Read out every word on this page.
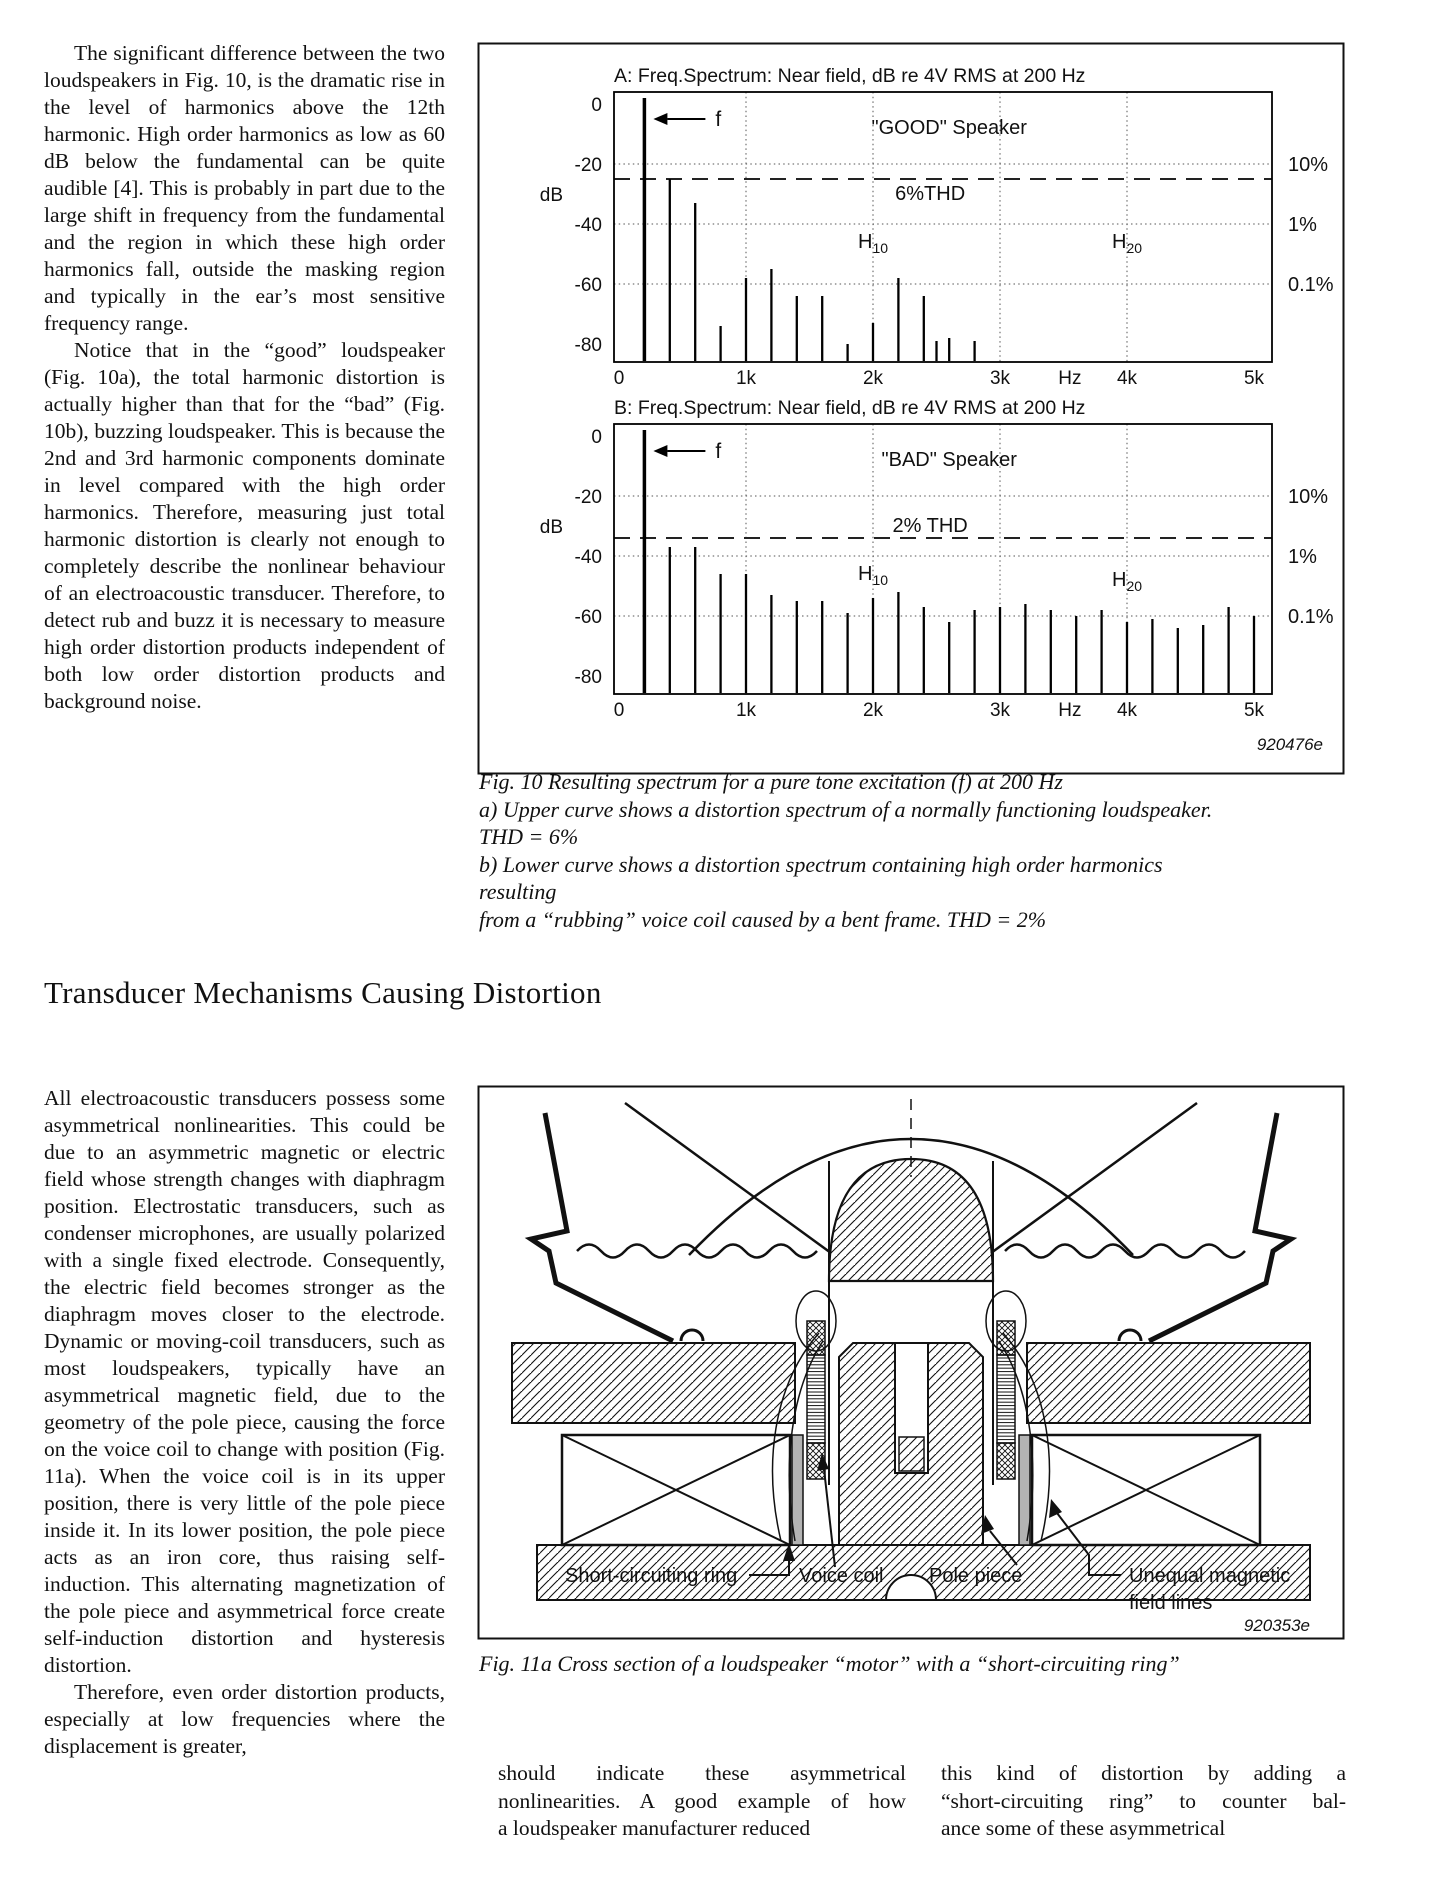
The significant difference between the two loudspeakers in Fig. 10, is the dramatic rise in the level of harmonics above the 12th harmonic. High order harmonics as low as 60 dB below the fundamental can be quite audible [4]. This is probably in part due to the large shift in frequency from the fundamental and the region in which these high order harmonics fall, outside the masking region and typically in the ear’s most sensitive frequency range.

Notice that in the “good” loudspeaker (Fig. 10a), the total harmonic distortion is actually higher than that for the “bad” (Fig. 10b), buzzing loudspeaker. This is because the 2nd and 3rd harmonic components dominate in level compared with the high order harmonics. Therefore, measuring just total harmonic distortion is clearly not enough to completely describe the nonlinear behaviour of an electroacoustic transducer. Therefore, to detect rub and buzz it is necessary to measure high order distortion products independent of both low order distortion products and background noise.

920476e
0
-20
-40
-60
-80
dB
0	1k	2k	3k	4k	5k
Hz
10%
1%
0.1%
A: Freq.Spectrum: Near field, dB re 4V RMS at 200 Hz
"GOOD" Speaker
6%THD
f
$H_{10}$	$H_{20}$
0
-20
-40
-60
-80
dB
0	1k	2k	3k	4k	5k
Hz
10%
1%
0.1%
B: Freq.Spectrum: Near field, dB re 4V RMS at 200 Hz
"BAD" Speaker
2% THD
f
$H_{10}$	$H_{20}$
Fig. 10 Resulting spectrum for a pure tone excitation (f) at 200 Hz
a) Upper curve shows a distortion spectrum of a normally functioning loudspeaker.
THD = 6%
b) Lower curve shows a distortion spectrum containing high order harmonics resulting
from a “rubbing” voice coil caused by a bent frame. THD = 2%
Transducer Mechanisms Causing Distortion

All electroacoustic transducers possess some asymmetrical nonlinearities. This could be due to an asymmetric magnetic or electric field whose strength changes with diaphragm position. Electrostatic transducers, such as condenser microphones, are usually polarized with a single fixed electrode. Consequently, the electric field becomes stronger as the diaphragm moves closer to the electrode. Dynamic or moving-coil transducers, such as most loudspeakers, typically have an asymmetrical magnetic field, due to the geometry of the pole piece, causing the force on the voice coil to change with position (Fig. 11a). When the voice coil is in its upper position, there is very little of the pole piece inside it. In its lower position, the pole piece acts as an iron core, thus raising self-induction. This alternating magnetization of the pole piece and asymmetrical force create self-induction distortion and hysteresis distortion.

Therefore, even order distortion products, especially at low frequencies where the displacement is greater,

Short-circuiting ring	Voice coil Pole piece	Unequal magnetic
field lines
920353e
Fig. 11a Cross section of a loudspeaker “motor” with a “short-circuiting ring”
should indicate these asymmetrical
nonlinearities. A good example of how
a loudspeaker manufacturer reduced
this kind of distortion by adding a
“short-circuiting ring” to counter bal-
ance some of these asymmetrical
